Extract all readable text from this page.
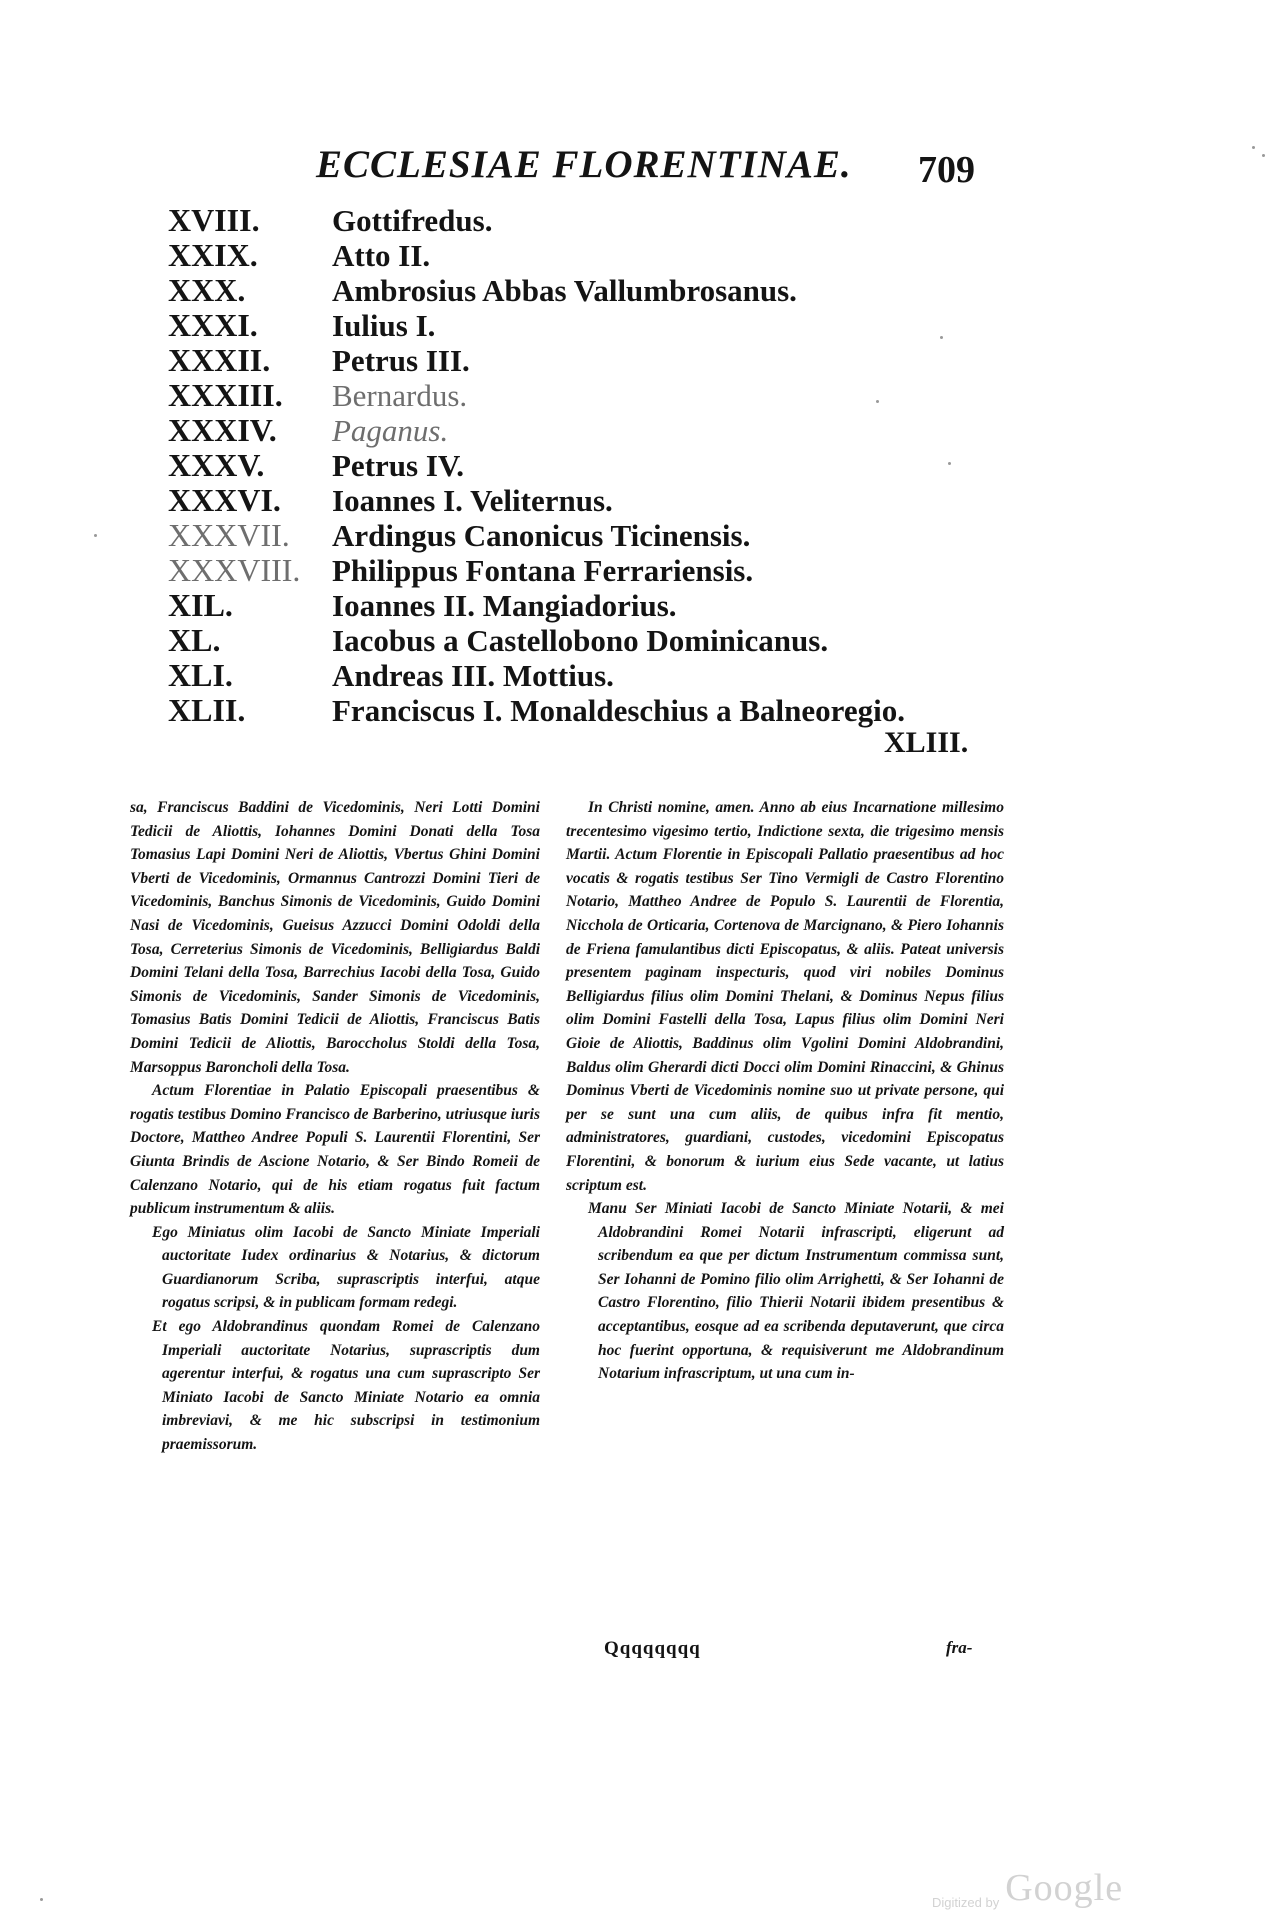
ECCLESIAE FLORENTINAE. 709
XVIII.	Gottifredus.
XXIX.	Atto II.
XXX.	Ambrosius Abbas Vallumbrosanus.
XXXI.	Iulius I.
XXXII.	Petrus III.
XXXIII.	Bernardus.
XXXIV.	Paganus.
XXXV.	Petrus IV.
XXXVI.	Ioannes I. Veliternus.
XXXVII.	Ardingus Canonicus Ticinensis.
XXXVIII.	Philippus Fontana Ferrariensis.
XIL.	Ioannes II. Mangiadorius.
XL.	Iacobus a Castellobono Dominicanus.
XLI.	Andreas III. Mottius.
XLII.	Franciscus I. Monaldeschius a Balneoregio.
XLIII.

sa, Franciscus Baddini de Vicedominis, Neri Lotti Domini Tedicii de Aliottis, Iohannes Domini Donati della Tosa Tomasius Lapi Domini Neri de Aliottis, Vbertus Ghini Domini Vberti de Vicedominis, Ormannus Cantrozzi Domini Tieri de Vicedominis, Banchus Simonis de Vicedominis, Guido Domini Nasi de Vicedominis, Gueisus Azzucci Domini Odoldi della Tosa, Cerreterius Simonis de Vicedominis, Belligiardus Baldi Domini Telani della Tosa, Barrechius Iacobi della Tosa, Guido Simonis de Vicedominis, Sander Simonis de Vicedominis, Tomasius Batis Domini Tedicii de Aliottis, Franciscus Batis Domini Tedicii de Aliottis, Baroccholus Stoldi della Tosa, Marsoppus Baroncholi della Tosa.

Actum Florentiae in Palatio Episcopali praesentibus & rogatis testibus Domino Francisco de Barberino, utriusque iuris Doctore, Mattheo Andree Populi S. Laurentii Florentini, Ser Giunta Brindis de Ascione Notario, & Ser Bindo Romeii de Calenzano Notario, qui de his etiam rogatus fuit factum publicum instrumentum & aliis.

Ego Miniatus olim Iacobi de Sancto Miniate Imperiali auctoritate Iudex ordinarius & Notarius, & dictorum Guardianorum Scriba, suprascriptis interfui, atque rogatus scripsi, & in publicam formam redegi.

Et ego Aldobrandinus quondam Romei de Calenzano Imperiali auctoritate Notarius, suprascriptis dum agerentur interfui, & rogatus una cum suprascripto Ser Miniato Iacobi de Sancto Miniate Notario ea omnia imbreviavi, & me hic subscripsi in testimonium praemissorum.

In Christi nomine, amen. Anno ab eius Incarnatione millesimo trecentesimo vigesimo tertio, Indictione sexta, die trigesimo mensis Martii. Actum Florentie in Episcopali Pallatio praesentibus ad hoc vocatis & rogatis testibus Ser Tino Vermigli de Castro Florentino Notario, Mattheo Andree de Populo S. Laurentii de Florentia, Nicchola de Orticaria, Cortenova de Marcignano, & Piero Iohannis de Friena famulantibus dicti Episcopatus, & aliis. Pateat universis presentem paginam inspecturis, quod viri nobiles Dominus Belligiardus filius olim Domini Thelani, & Dominus Nepus filius olim Domini Fastelli della Tosa, Lapus filius olim Domini Neri Gioie de Aliottis, Baddinus olim Vgolini Domini Aldobrandini, Baldus olim Gherardi dicti Docci olim Domini Rinaccini, & Ghinus Dominus Vberti de Vicedominis nomine suo ut private persone, qui per se sunt una cum aliis, de quibus infra fit mentio, administratores, guardiani, custodes, vicedomini Episcopatus Florentini, & bonorum & iurium eius Sede vacante, ut latius scriptum est.

Manu Ser Miniati Iacobi de Sancto Miniate Notarii, & mei Aldobrandini Romei Notarii infrascripti, eligerunt ad scribendum ea que per dictum Instrumentum commissa sunt, Ser Iohanni de Pomino filio olim Arrighetti, & Ser Iohanni de Castro Florentino, filio Thierii Notarii ibidem presentibus & acceptantibus, eosque ad ea scribenda deputaverunt, que circa hoc fuerint opportuna, & requisiverunt me Aldobrandinum Notarium infrascriptum, ut una cum in-

Qqqqqqqq	fra-
Digitized by Google
